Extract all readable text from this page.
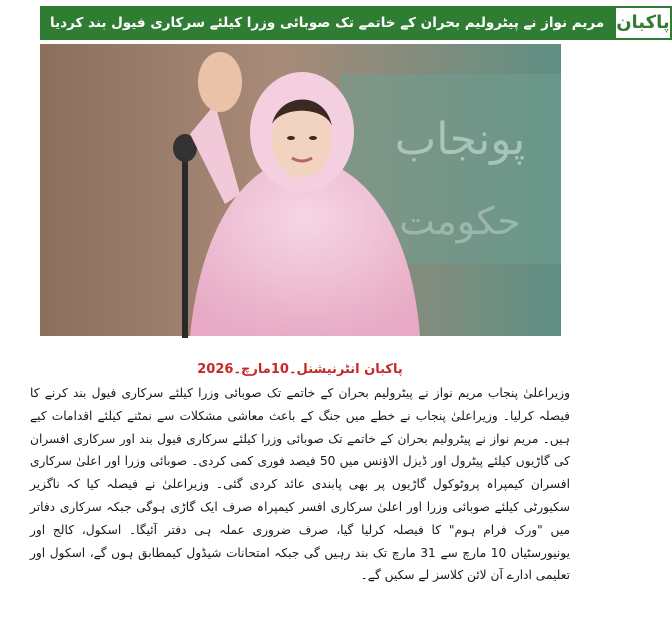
مریم نواز نے پیٹرولیم بحران کے خاتمے تک صوبائی وزرا کیلئے سرکاری فیول بند کردیا پاکبان
ﭘﻮﻧﺠﺎﺏ
ﺣﮑﻮﻣﺖ
پاکبان انٹرنیشنل۔10مارچ۔2026

وزیراعلیٰ پنجاب مریم نواز نے پیٹرولیم بحران کے خاتمے تک صوبائی وزرا کیلئے سرکاری فیول بند کرنے کا فیصلہ کرلیا۔ وزیراعلیٰ پنجاب نے خطے میں جنگ کے باعث معاشی مشکلات سے نمٹنے کیلئے اقدامات کیے ہیں۔ مریم نواز نے پیٹرولیم بحران کے خاتمے تک صوبائی وزرا کیلئے سرکاری فیول بند اور سرکاری افسران کی گاڑیوں کیلئے پیٹرول اور ڈیزل الاؤنس میں 50 فیصد فوری کمی کردی۔ صوبائی وزرا اور اعلیٰ سرکاری افسران کیمپراہ پروٹوکول گاڑیوں پر بھی پابندی عائد کردی گئی۔ وزیراعلیٰ نے فیصلہ کیا کہ ناگزیر سکیورٹی کیلئے صوبائی وزرا اور اعلیٰ سرکاری افسر کیمپراہ صرف ایک گاڑی ہوگی جبکہ سرکاری دفاتر میں "ورک فرام ہوم" کا فیصلہ کرلیا گیا، صرف ضروری عملہ ہی دفتر آئیگا۔ اسکول، کالج اور یونیورسٹیاں 10 مارچ سے 31 مارچ تک بند رہیں گی جبکہ امتحانات شیڈول کیمطابق ہوں گے، اسکول اور تعلیمی ادارے آن لائن کلاسز لے سکیں گے۔
